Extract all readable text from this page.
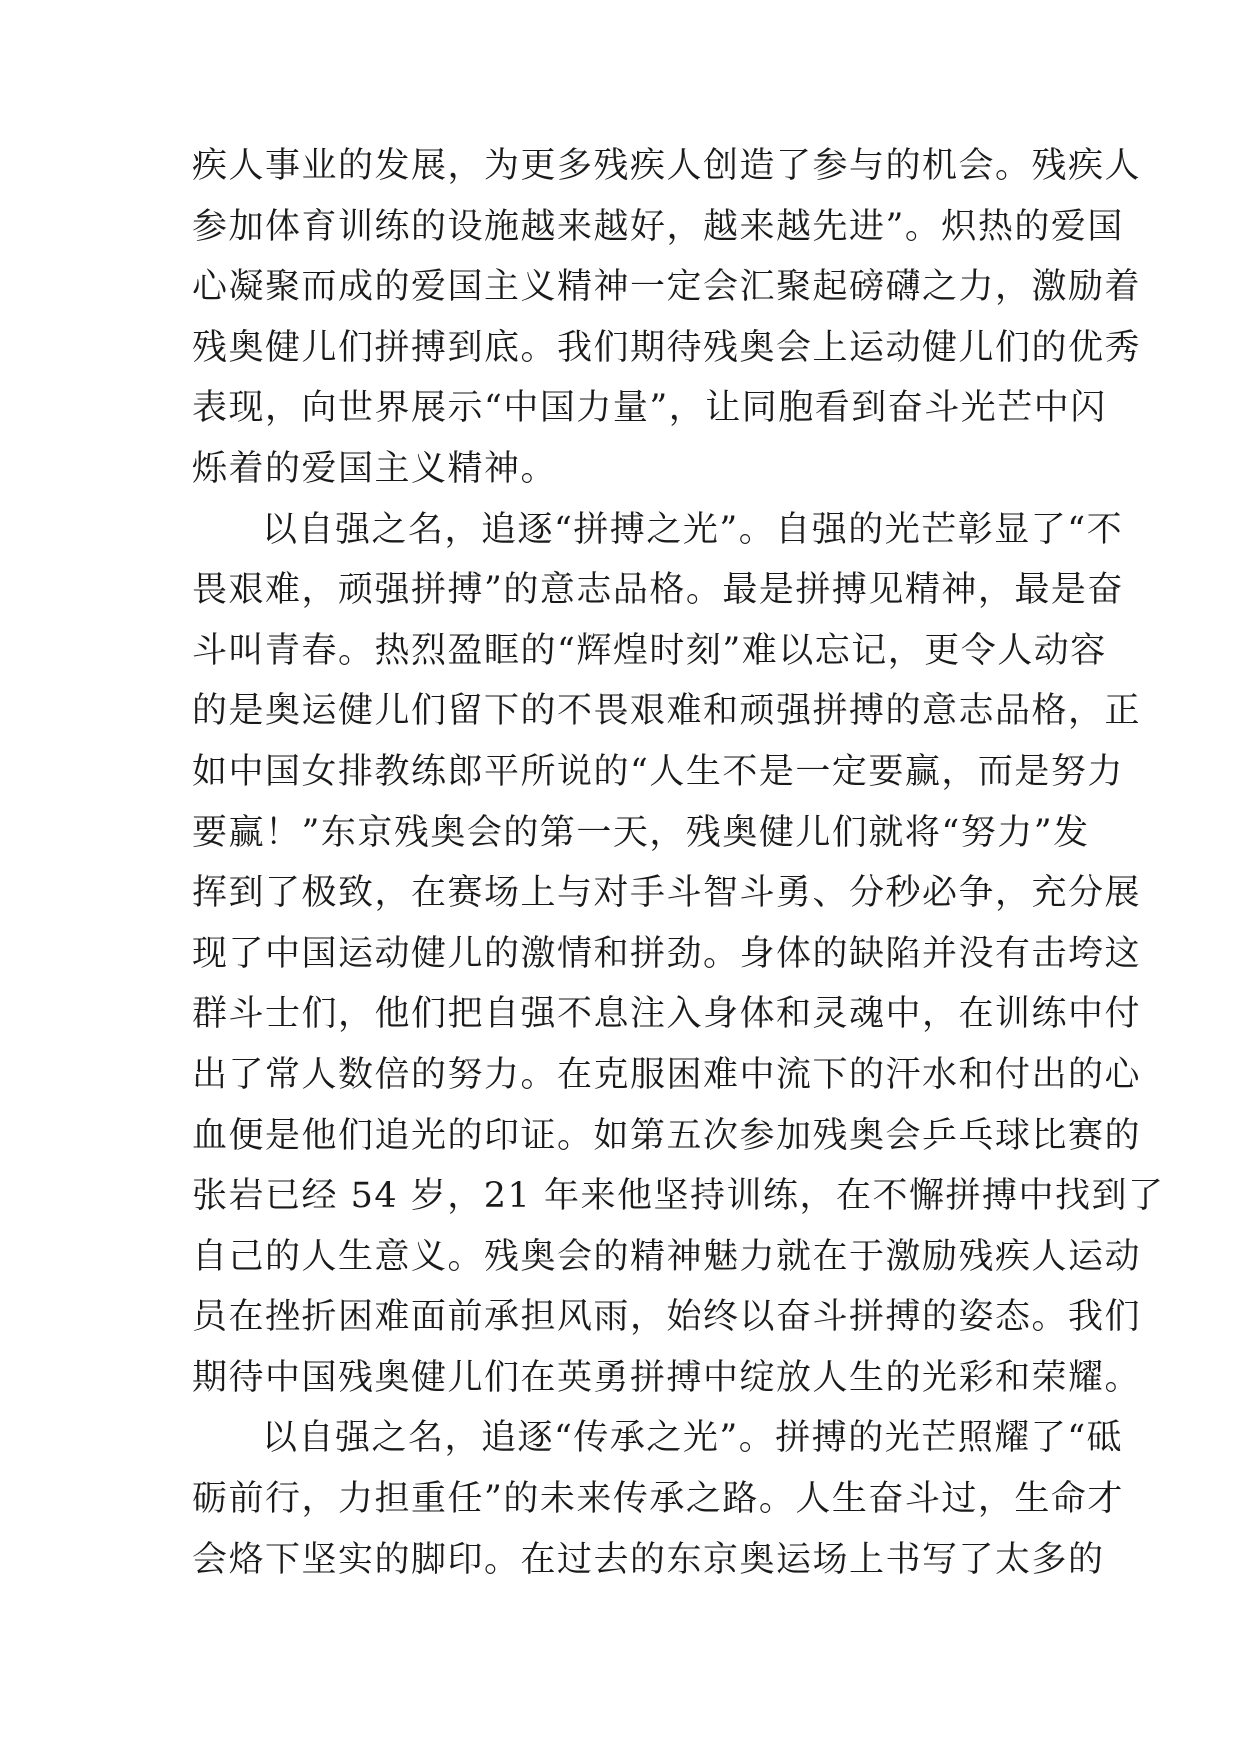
疾人事业的发展，为更多残疾人创造了参与的机会。残疾人
参加体育训练的设施越来越好，越来越先进”。炽热的爱国
心凝聚而成的爱国主义精神一定会汇聚起磅礴之力，激励着
残奥健儿们拼搏到底。我们期待残奥会上运动健儿们的优秀
表现，向世界展示“中国力量”，让同胞看到奋斗光芒中闪
烁着的爱国主义精神。
以自强之名，追逐“拼搏之光”。自强的光芒彰显了“不
畏艰难，顽强拼搏”的意志品格。最是拼搏见精神，最是奋
斗叫青春。热烈盈眶的“辉煌时刻”难以忘记，更令人动容
的是奥运健儿们留下的不畏艰难和顽强拼搏的意志品格，正
如中国女排教练郎平所说的“人生不是一定要赢，而是努力
要赢！”东京残奥会的第一天，残奥健儿们就将“努力”发
挥到了极致，在赛场上与对手斗智斗勇、分秒必争，充分展
现了中国运动健儿的激情和拼劲。身体的缺陷并没有击垮这
群斗士们，他们把自强不息注入身体和灵魂中，在训练中付
出了常人数倍的努力。在克服困难中流下的汗水和付出的心
血便是他们追光的印证。如第五次参加残奥会乒乓球比赛的
张岩已经 54 岁，21 年来他坚持训练，在不懈拼搏中找到了
自己的人生意义。残奥会的精神魅力就在于激励残疾人运动
员在挫折困难面前承担风雨，始终以奋斗拼搏的姿态。我们
期待中国残奥健儿们在英勇拼搏中绽放人生的光彩和荣耀。
以自强之名，追逐“传承之光”。拼搏的光芒照耀了“砥
砺前行，力担重任”的未来传承之路。人生奋斗过，生命才
会烙下坚实的脚印。在过去的东京奥运场上书写了太多的
